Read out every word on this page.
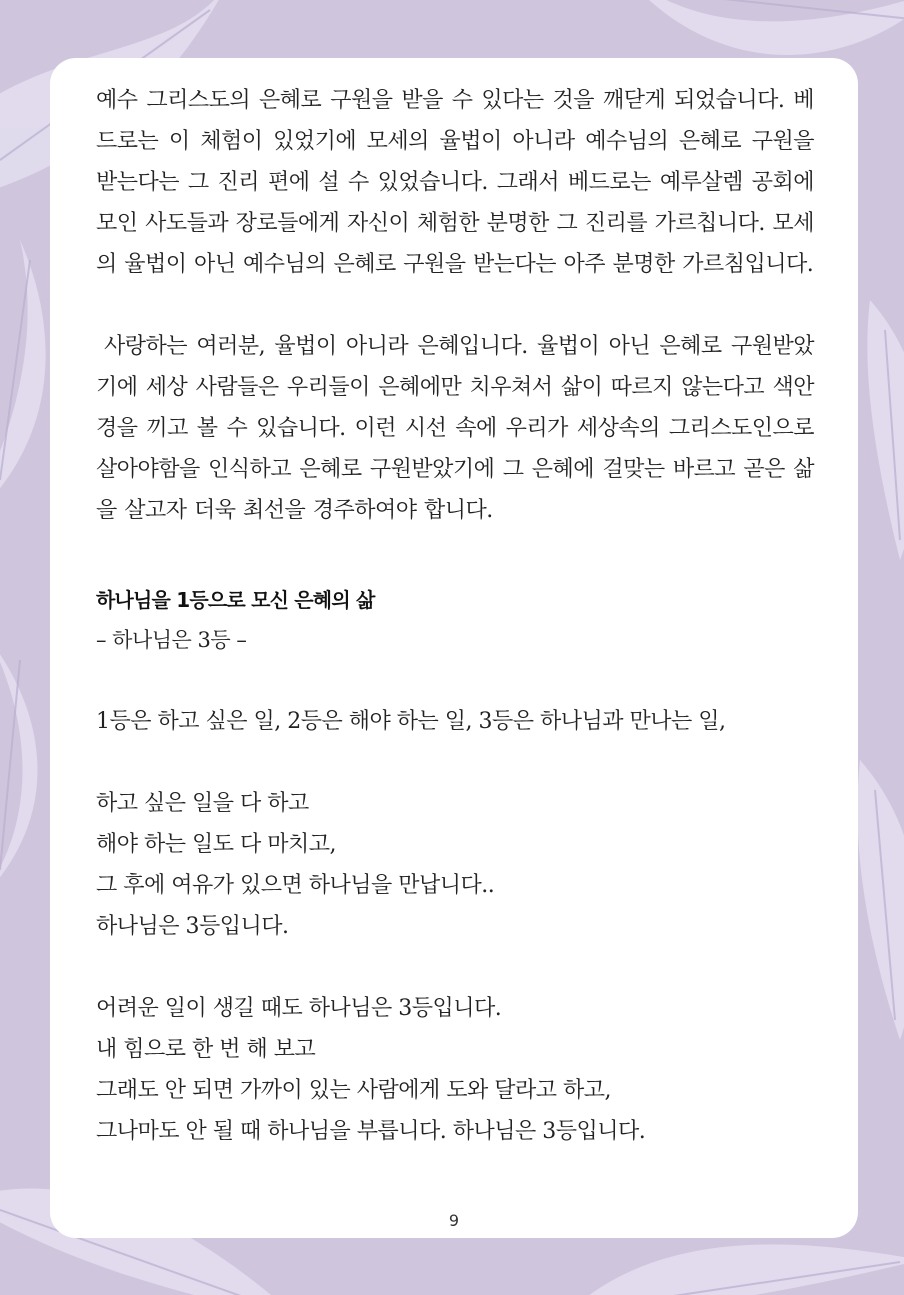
예수 그리스도의 은혜로 구원을 받을 수 있다는 것을 깨닫게 되었습니다. 베드로는 이 체험이 있었기에 모세의 율법이 아니라 예수님의 은혜로 구원을 받는다는 그 진리 편에 설 수 있었습니다. 그래서 베드로는 예루살렘 공회에 모인 사도들과 장로들에게 자신이 체험한 분명한 그 진리를 가르칩니다. 모세의 율법이 아닌 예수님의 은혜로 구원을 받는다는 아주 분명한 가르침입니다.

사랑하는 여러분, 율법이 아니라 은혜입니다. 율법이 아닌 은혜로 구원받았기에 세상 사람들은 우리들이 은혜에만 치우쳐서 삶이 따르지 않는다고 색안경을 끼고 볼 수 있습니다. 이런 시선 속에 우리가 세상속의 그리스도인으로 살아야함을 인식하고 은혜로 구원받았기에 그 은혜에 걸맞는 바르고 곧은 삶을 살고자 더욱 최선을 경주하여야 합니다.

하나님을 1등으로 모신 은혜의 삶

– 하나님은 3등 –

1등은 하고 싶은 일, 2등은 해야 하는 일, 3등은 하나님과 만나는 일,

하고 싶은 일을 다 하고

해야 하는 일도 다 마치고,

그 후에 여유가 있으면 하나님을 만납니다..

하나님은 3등입니다.

어려운 일이 생길 때도 하나님은 3등입니다.

내 힘으로 한 번 해 보고

그래도 안 되면 가까이 있는 사람에게 도와 달라고 하고,

그나마도 안 될 때 하나님을 부릅니다. 하나님은 3등입니다.

9
